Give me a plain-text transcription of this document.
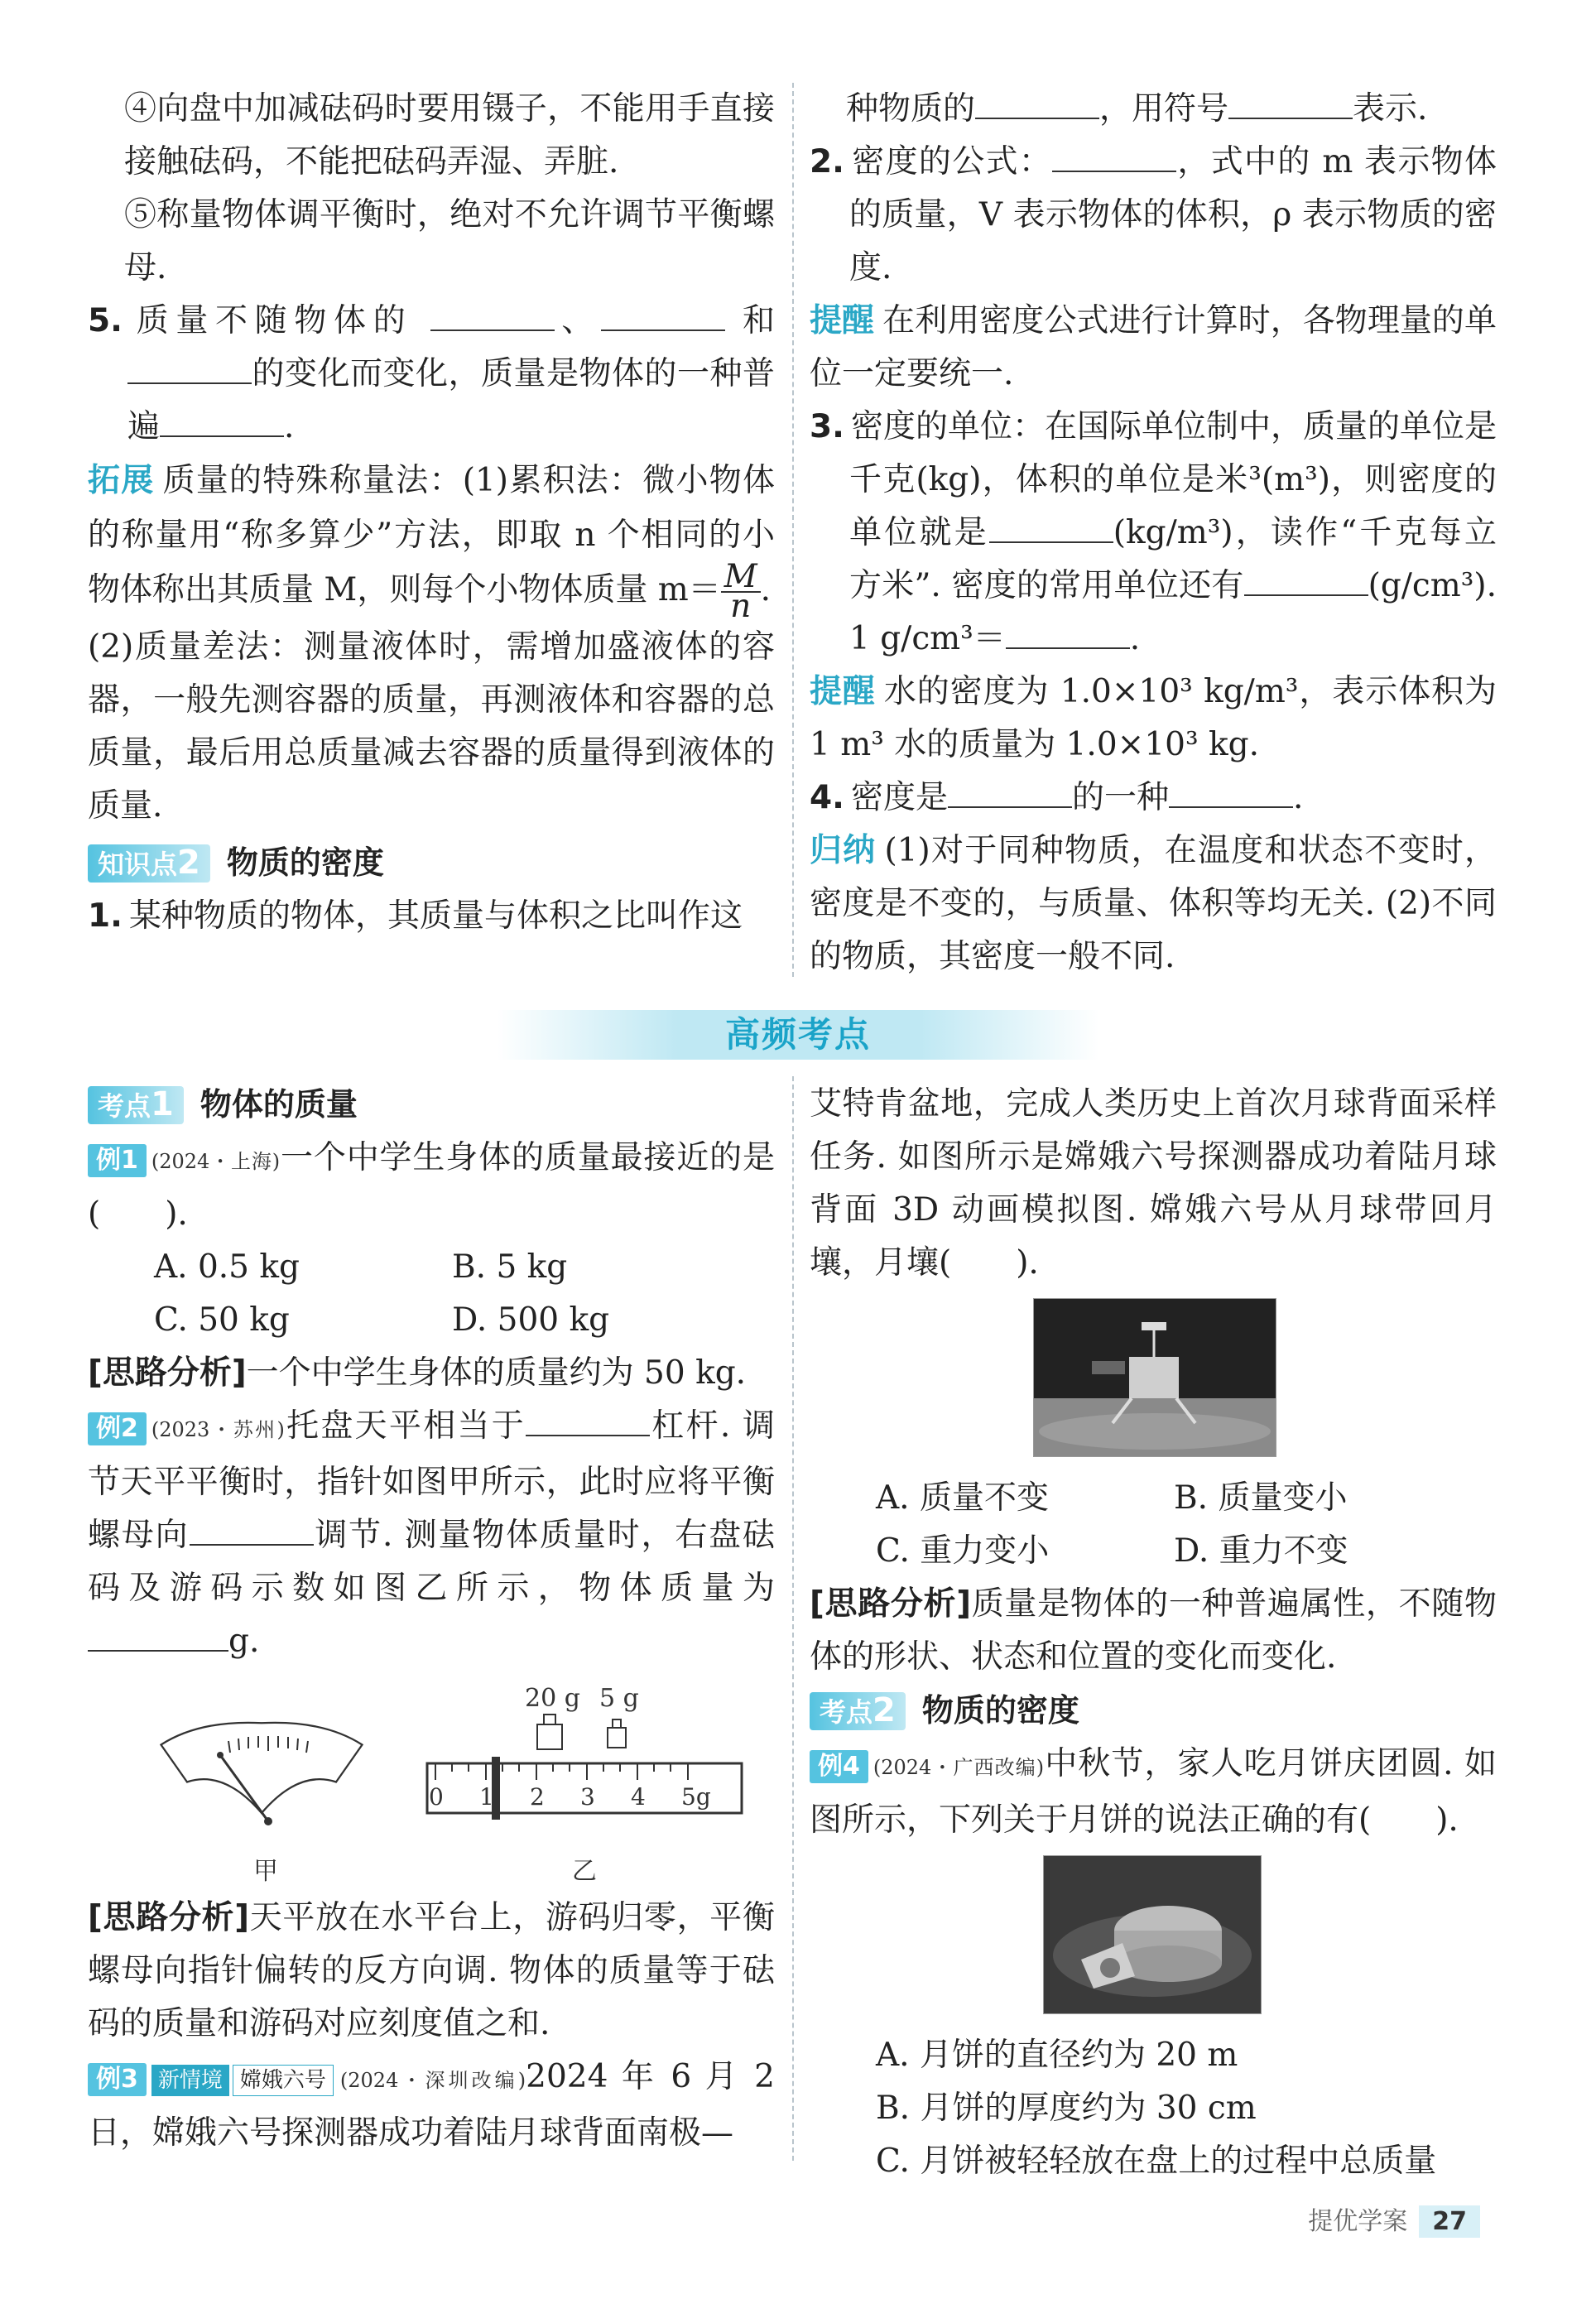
④向盘中加减砝码时要用镊子，不能用手直接接触砝码，不能把砝码弄湿、弄脏.

⑤称量物体调平衡时，绝对不允许调节平衡螺母.

5. 质量不随物体的	、	和 的变化而变化，质量是物体的一种普遍	.

拓展 质量的特殊称量法：(1)累积法：微小物体的称量用“称多算少”方法，即取 n 个相同的小物体称出其质量 M，则每个小物体质量 $m= \frac{M}{n}$ .

(2)质量差法：测量液体时，需增加盛液体的容器，一般先测容器的质量，再测液体和容器的总质量，最后用总质量减去容器的质量得到液体的质量.

知识点2 物质的密度

1. 某种物质的物体，其质量与体积之比叫作这

种物质的	，用符号	表示.

2. 密度的公式：	，式中的 m 表示物体的质量，V 表示物体的体积，ρ 表示物质的密度.

提醒 在利用密度公式进行计算时，各物理量的单位一定要统一.

3. 密度的单位：在国际单位制中，质量的单位是千克(kg)，体积的单位是米³(m³)，则密度的单位就是	(kg/m³)，读作“千克每立方米”. 密度的常用单位还有	(g/cm³). 1 g/cm³＝	.

提醒 水的密度为 1.0×10³ kg/m³，表示体积为 1 m³ 水的质量为 1.0×10³ kg.

4. 密度是	的一种	.

归纳 (1)对于同种物质，在温度和状态不变时，密度是不变的，与质量、体积等均无关. (2)不同的物质，其密度一般不同.

高频考点

考点1 物体的质量

例1 (2024・上海)一个中学生身体的质量最接近的是(　　).

A. 0.5 kg	B. 5 kg
C. 50 kg	D. 500 kg

[思路分析]一个中学生身体的质量约为 50 kg.

例2 (2023・苏州)托盘天平相当于	杠杆. 调节天平平衡时，指针如图甲所示，此时应将平衡螺母向	调节. 测量物体质量时，右盘砝码及游码示数如图乙所示，物体质量为g.

甲
20 g 5 g
0 1 2 3 4 5g
乙

[思路分析]天平放在水平台上，游码归零，平衡螺母向指针偏转的反方向调. 物体的质量等于砝码的质量和游码对应刻度值之和.

例3 新情境 嫦娥六号 (2024・深圳改编)2024 年 6 月 2 日，嫦娥六号探测器成功着陆月球背面南极—

艾特肯盆地，完成人类历史上首次月球背面采样任务. 如图所示是嫦娥六号探测器成功着陆月球背面 3D 动画模拟图. 嫦娥六号从月球带回月壤，月壤(　　).

A. 质量不变	B. 质量变小
C. 重力变小	D. 重力不变

[思路分析]质量是物体的一种普遍属性，不随物体的形状、状态和位置的变化而变化.

考点2 物质的密度

例4 (2024・广西改编)中秋节，家人吃月饼庆团圆. 如图所示，下列关于月饼的说法正确的有(　　).

A. 月饼的直径约为 20 m

B. 月饼的厚度约为 30 cm

C. 月饼被轻轻放在盘上的过程中总质量

提优学案 27
